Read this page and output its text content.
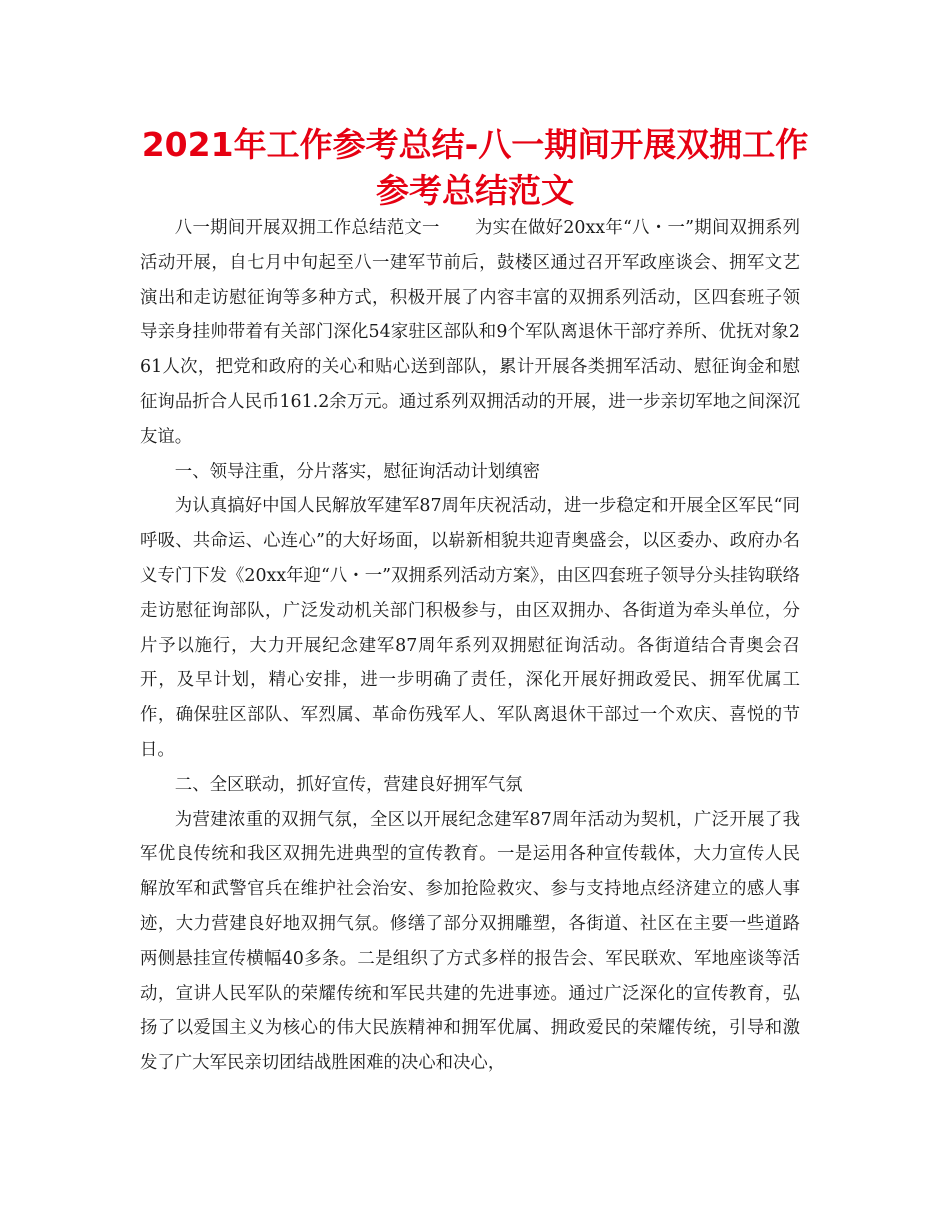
2021年工作参考总结-八一期间开展双拥工作参考总结范文

八一期间开展双拥工作总结范文一　　为实在做好20xx年“八・一”期间双拥系列活动开展，自七月中旬起至八一建军节前后，鼓楼区通过召开军政座谈会、拥军文艺演出和走访慰征询等多种方式，积极开展了内容丰富的双拥系列活动，区四套班子领导亲身挂帅带着有关部门深化54家驻区部队和9个军队离退休干部疗养所、优抚对象261人次，把党和政府的关心和贴心送到部队，累计开展各类拥军活动、慰征询金和慰征询品折合人民币161.2余万元。通过系列双拥活动的开展，进一步亲切军地之间深沉友谊。

一、领导注重，分片落实，慰征询活动计划缜密

为认真搞好中国人民解放军建军87周年庆祝活动，进一步稳定和开展全区军民“同呼吸、共命运、心连心”的大好场面，以崭新相貌共迎青奥盛会，以区委办、政府办名义专门下发《20xx年迎“八・一”双拥系列活动方案》，由区四套班子领导分头挂钩联络走访慰征询部队，广泛发动机关部门积极参与，由区双拥办、各街道为牵头单位，分片予以施行，大力开展纪念建军87周年系列双拥慰征询活动。各街道结合青奥会召开，及早计划，精心安排，进一步明确了责任，深化开展好拥政爱民、拥军优属工作，确保驻区部队、军烈属、革命伤残军人、军队离退休干部过一个欢庆、喜悦的节日。

二、全区联动，抓好宣传，营建良好拥军气氛

为营建浓重的双拥气氛，全区以开展纪念建军87周年活动为契机，广泛开展了我军优良传统和我区双拥先进典型的宣传教育。一是运用各种宣传载体，大力宣传人民解放军和武警官兵在维护社会治安、参加抢险救灾、参与支持地点经济建立的感人事迹，大力营建良好地双拥气氛。修缮了部分双拥雕塑，各街道、社区在主要一些道路两侧悬挂宣传横幅40多条。二是组织了方式多样的报告会、军民联欢、军地座谈等活动，宣讲人民军队的荣耀传统和军民共建的先进事迹。通过广泛深化的宣传教育，弘扬了以爱国主义为核心的伟大民族精神和拥军优属、拥政爱民的荣耀传统，引导和激发了广大军民亲切团结战胜困难的决心和决心，
